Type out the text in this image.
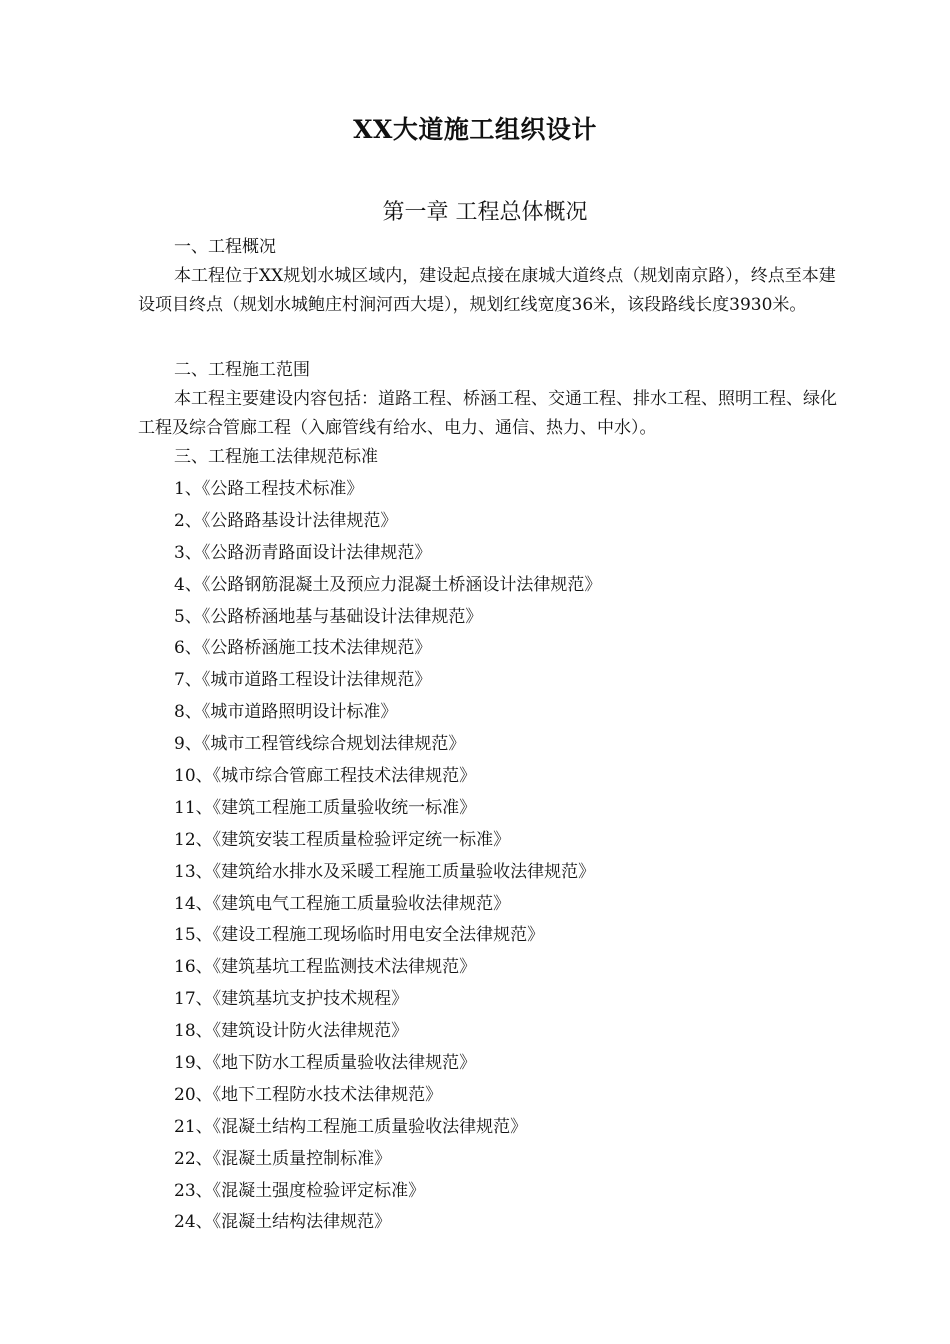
XX大道施工组织设计
第一章 工程总体概况
一、工程概况
本工程位于XX规划水城区域内，建设起点接在康城大道终点（规划南京路），终点至本建设项目终点（规划水城鲍庄村涧河西大堤），规划红线宽度36米，该段路线长度3930米。
二、工程施工范围
本工程主要建设内容包括：道路工程、桥涵工程、交通工程、排水工程、照明工程、绿化工程及综合管廊工程（入廊管线有给水、电力、通信、热力、中水）。
三、工程施工法律规范标准
1、《公路工程技术标准》
2、《公路路基设计法律规范》
3、《公路沥青路面设计法律规范》
4、《公路钢筋混凝土及预应力混凝土桥涵设计法律规范》
5、《公路桥涵地基与基础设计法律规范》
6、《公路桥涵施工技术法律规范》
7、《城市道路工程设计法律规范》
8、《城市道路照明设计标准》
9、《城市工程管线综合规划法律规范》
10、《城市综合管廊工程技术法律规范》
11、《建筑工程施工质量验收统一标准》
12、《建筑安装工程质量检验评定统一标准》
13、《建筑给水排水及采暖工程施工质量验收法律规范》
14、《建筑电气工程施工质量验收法律规范》
15、《建设工程施工现场临时用电安全法律规范》
16、《建筑基坑工程监测技术法律规范》
17、《建筑基坑支护技术规程》
18、《建筑设计防火法律规范》
19、《地下防水工程质量验收法律规范》
20、《地下工程防水技术法律规范》
21、《混凝土结构工程施工质量验收法律规范》
22、《混凝土质量控制标准》
23、《混凝土强度检验评定标准》
24、《混凝土结构法律规范》
